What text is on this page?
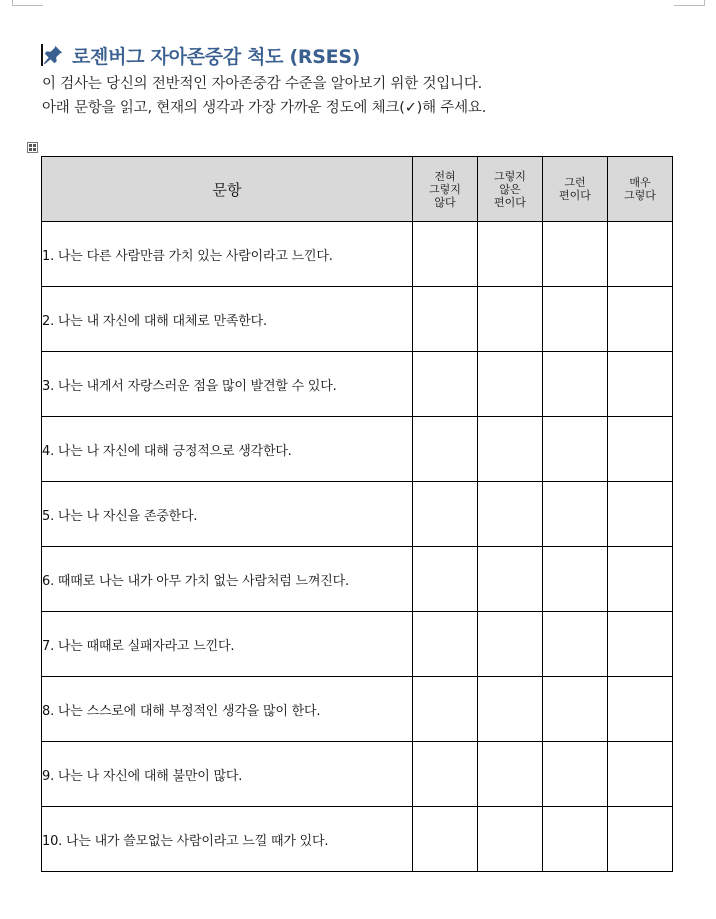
로젠버그 자아존중감 척도 (RSES)
이 검사는 당신의 전반적인 자아존중감 수준을 알아보기 위한 것입니다.
아래 문항을 읽고, 현재의 생각과 가장 가까운 정도에 체크(✓)해 주세요.
문항	전혀
그렇지
않다	그렇지
않은
편이다	그런
편이다	매우
그렇다

1. 나는 다른 사람만큼 가치 있는 사람이라고 느낀다.				
2. 나는 내 자신에 대해 대체로 만족한다.				
3. 나는 내게서 자랑스러운 점을 많이 발견할 수 있다.				
4. 나는 나 자신에 대해 긍정적으로 생각한다.				
5. 나는 나 자신을 존중한다.				
6. 때때로 나는 내가 아무 가치 없는 사람처럼 느껴진다.				
7. 나는 때때로 실패자라고 느낀다.				
8. 나는 스스로에 대해 부정적인 생각을 많이 한다.				
9. 나는 나 자신에 대해 불만이 많다.				
10. 나는 내가 쓸모없는 사람이라고 느낄 때가 있다.				
